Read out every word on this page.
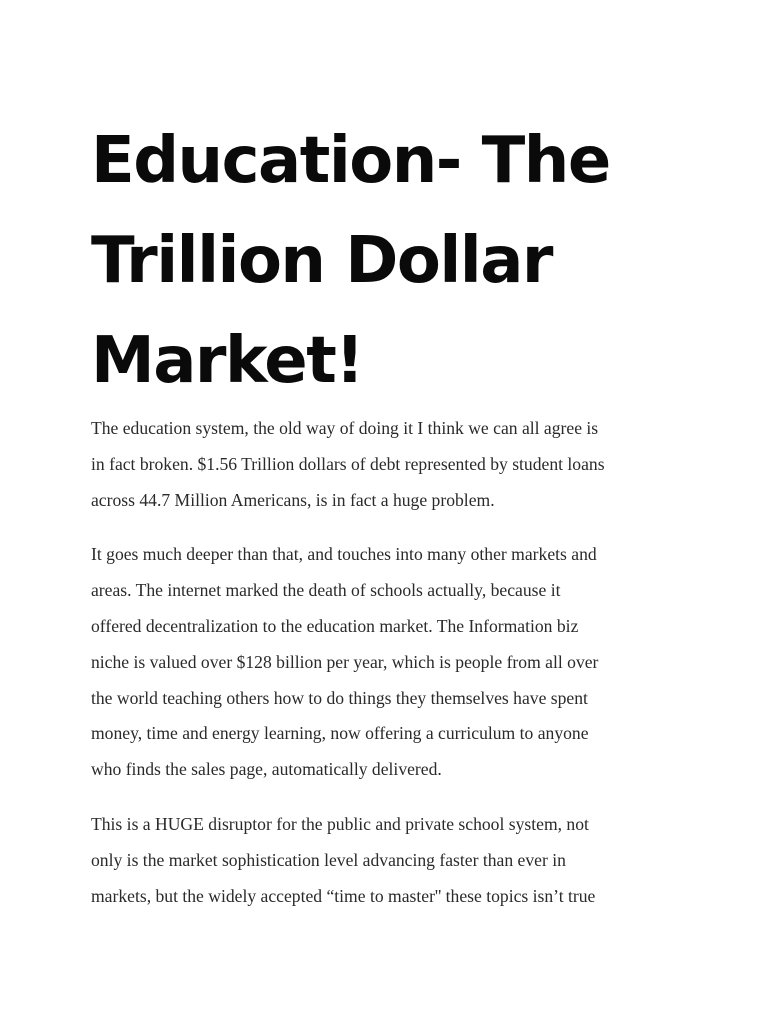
Education- The
Trillion Dollar
Market!

The education system, the old way of doing it I think we can all agree is
in fact broken. $1.56 Trillion dollars of debt represented by student loans
across 44.7 Million Americans, is in fact a huge problem.

It goes much deeper than that, and touches into many other markets and
areas. The internet marked the death of schools actually, because it
offered decentralization to the education market. The Information biz
niche is valued over $128 billion per year, which is people from all over
the world teaching others how to do things they themselves have spent
money, time and energy learning, now offering a curriculum to anyone
who finds the sales page, automatically delivered.

This is a HUGE disruptor for the public and private school system, not
only is the market sophistication level advancing faster than ever in
markets, but the widely accepted “time to master'' these topics isn’t true
